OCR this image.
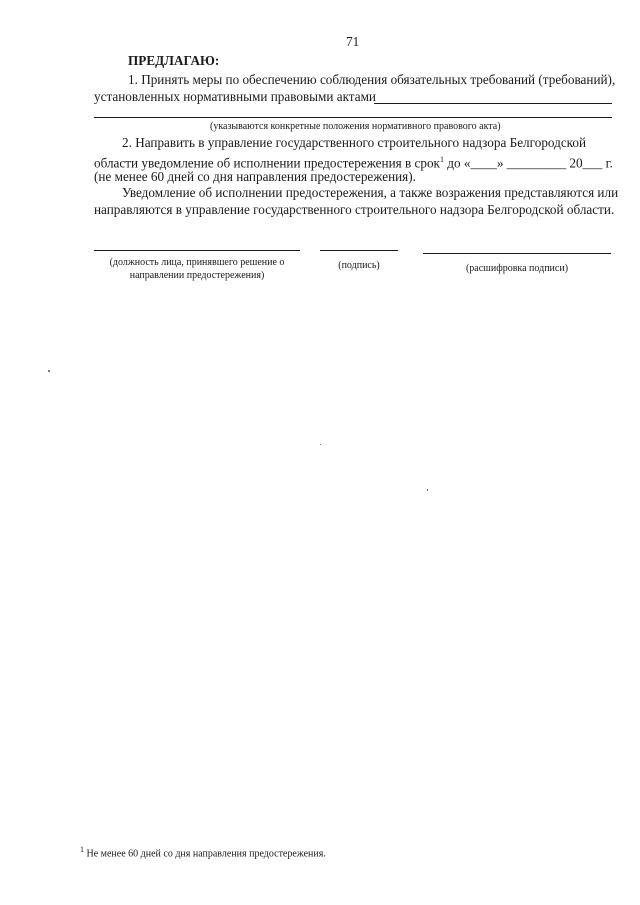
71
ПРЕДЛАГАЮ:
1. Принять меры по обеспечению соблюдения обязательных требований (требований),
установленных нормативными правовыми актами
(указываются конкретные положения нормативного правового акта)
2. Направить в управление государственного строительного надзора Белгородской
области уведомление об исполнении предостережения в срок$^1$ до «____» _________ 20___ г.
(не менее 60 дней со дня направления предостережения).
Уведомление об исполнении предостережения, а также возражения представляются или
направляются в управление государственного строительного надзора Белгородской области.
(должность лица, принявшего решение о
направлении предостережения)
(подпись)	(расшифровка подписи)
$^1$ Не менее 60 дней со дня направления предостережения.
